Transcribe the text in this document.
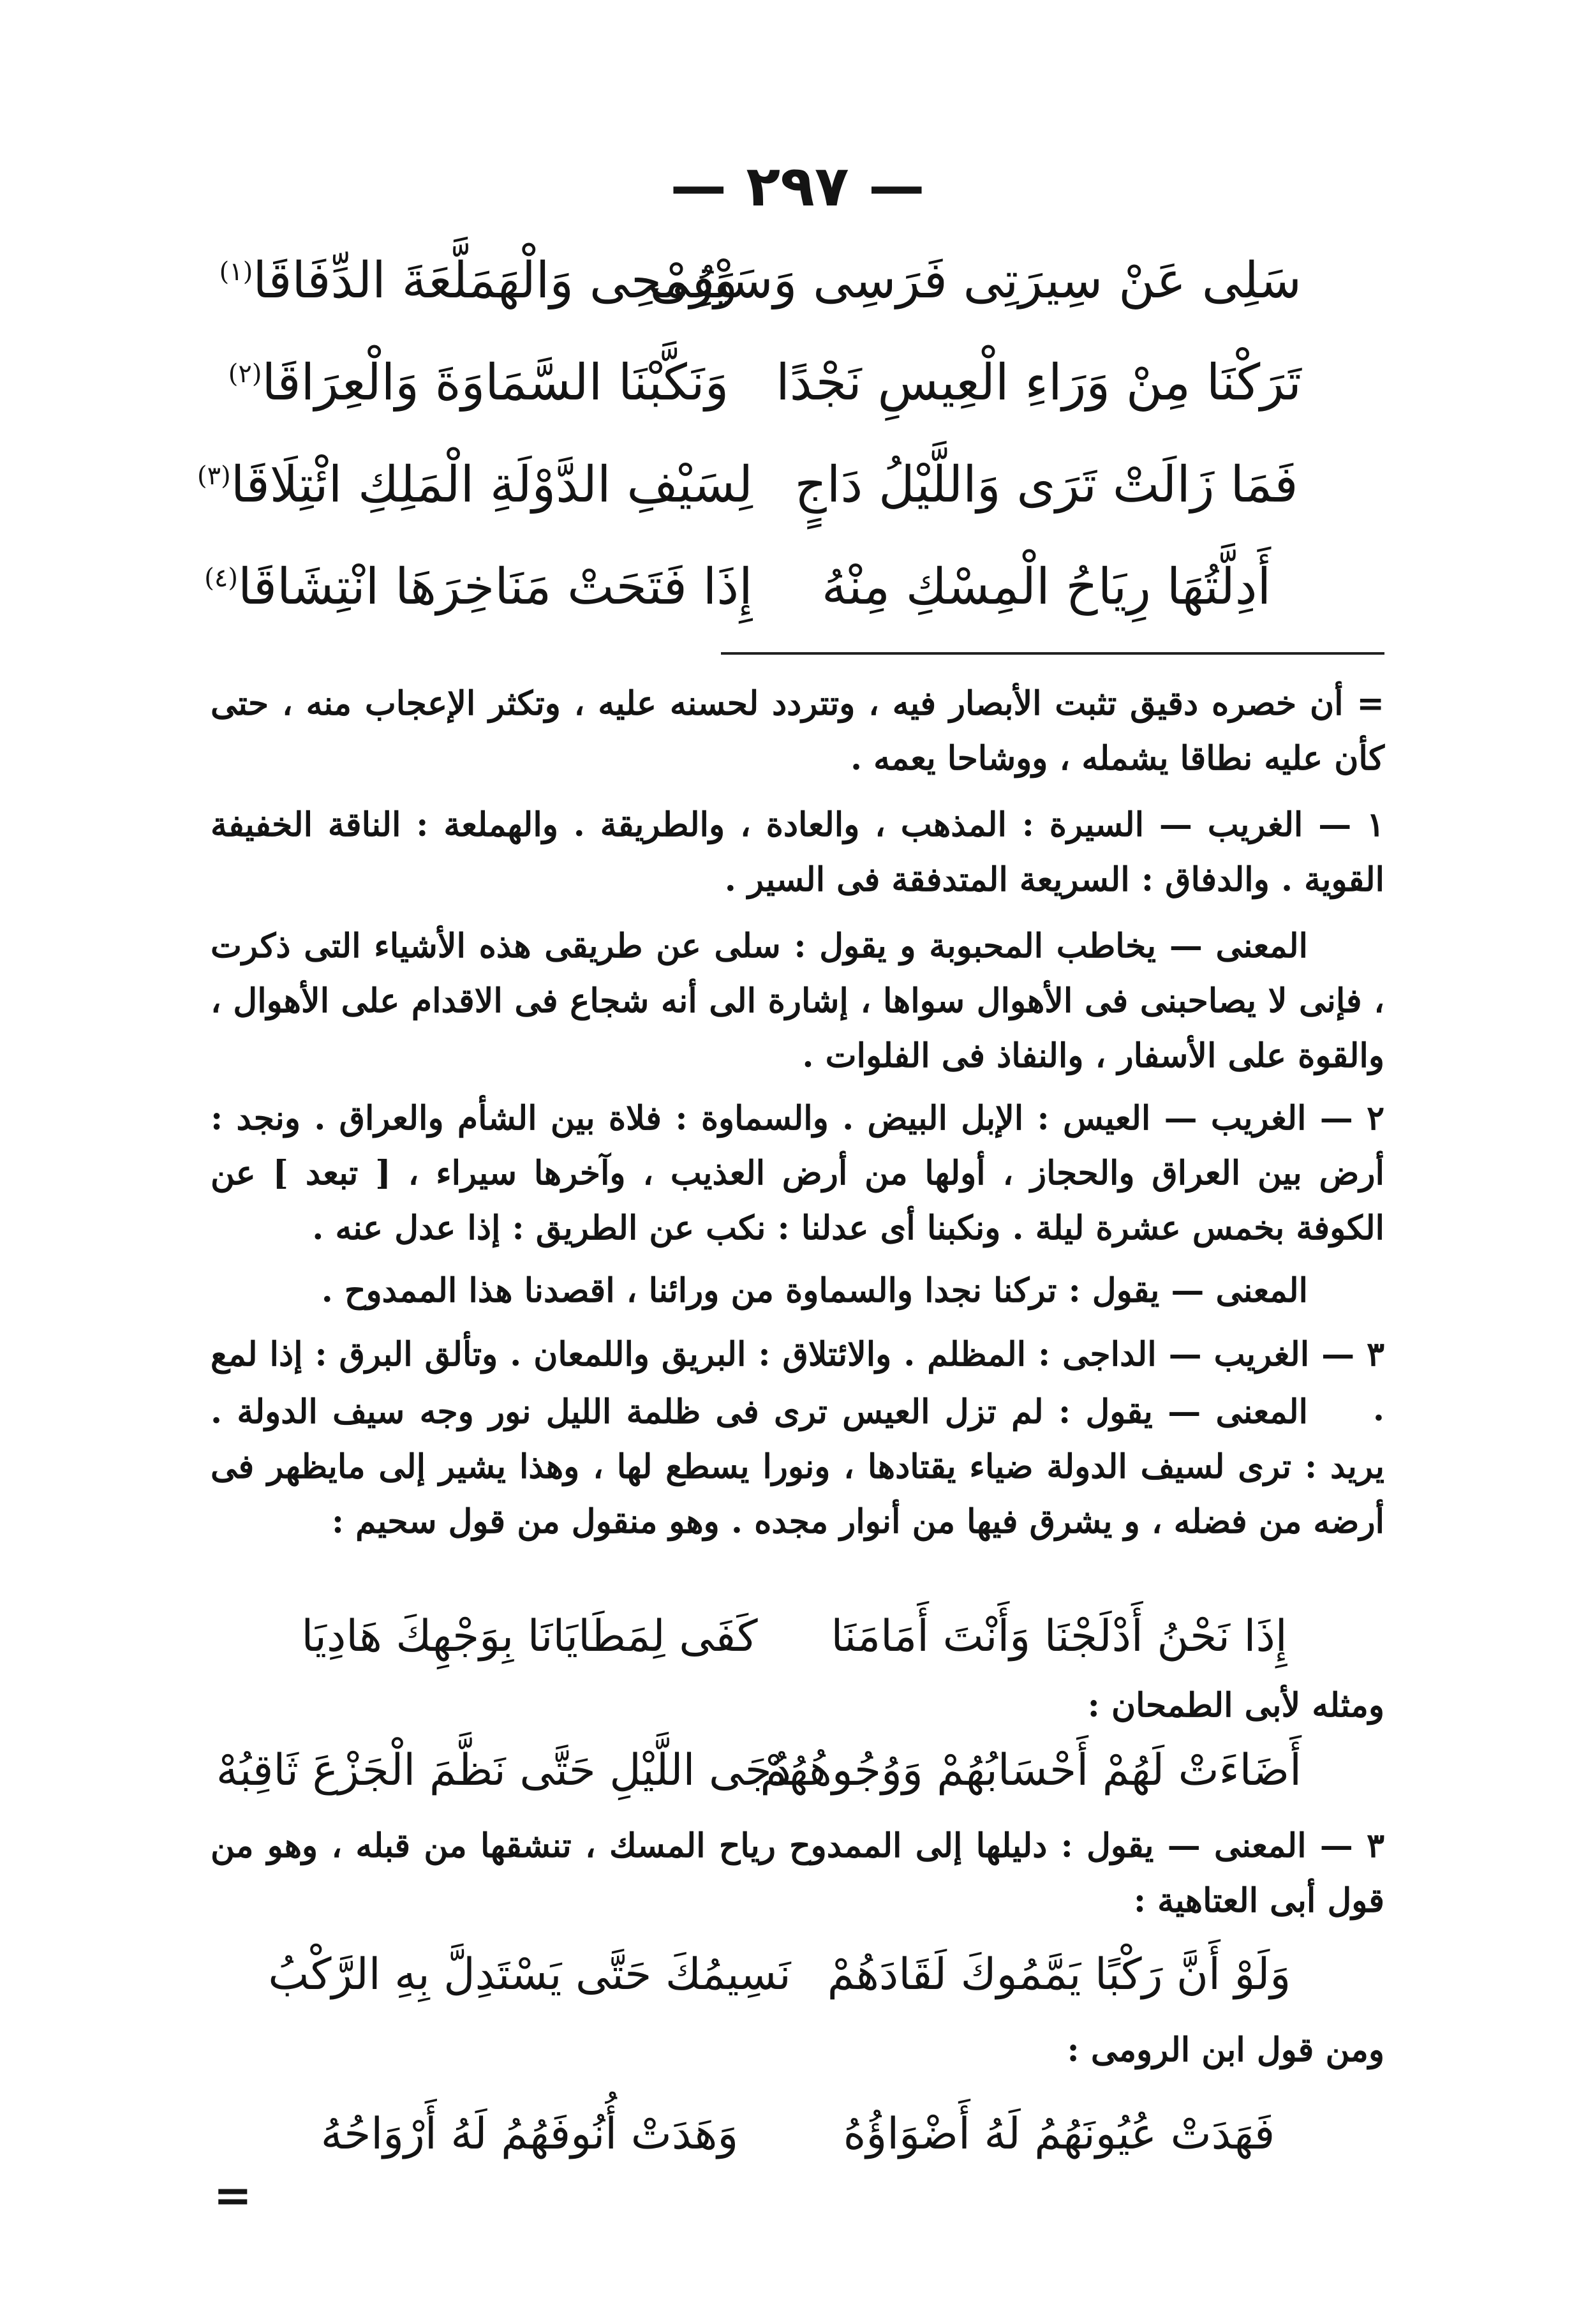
— ٢٩٧ —
سَلِى عَنْ سِيرَتِى فَرَسِى وَسَيْفِى
وَرُمْحِى وَالْهَمَلَّعَةَ الدِّفَاقَا$^{(١)}$
تَرَكْنَا مِنْ وَرَاءِ الْعِيسِ نَجْدًا
وَنَكَّبْنَا السَّمَاوَةَ وَالْعِرَاقَا$^{(٢)}$
فَمَا زَالَتْ تَرَى وَاللَّيْلُ دَاجٍ
لِسَيْفِ الدَّوْلَةِ الْمَلِكِ ائْتِلَاقَا$^{(٣)}$
أَدِلَّتُهَا رِيَاحُ الْمِسْكِ مِنْهُ
إِذَا فَتَحَتْ مَنَاخِرَهَا انْتِشَاقَا$^{(٤)}$
= أن خصره دقيق تثبت الأبصار فيه ، وتتردد لحسنه عليه ، وتكثر الإعجاب منه ، حتى كأن عليه نطاقا يشمله ، ووشاحا يعمه .
١ — الغريب — السيرة : المذهب ، والعادة ، والطريقة . والهملعة : الناقة الخفيفة القوية . والدفاق : السريعة المتدفقة فى السير .
المعنى — يخاطب المحبوبة و يقول : سلى عن طريقى هذه الأشياء التى ذكرت ، فإنى لا يصاحبنى فى الأهوال سواها ، إشارة الى أنه شجاع فى الاقدام على الأهوال ، والقوة على الأسفار ، والنفاذ فى الفلوات .
٢ — الغريب — العيس : الإبل البيض . والسماوة : فلاة بين الشأم والعراق . ونجد : أرض بين العراق والحجاز ، أولها من أرض العذيب ، وآخرها سيراء ، [ تبعد ] عن الكوفة بخمس عشرة ليلة . ونكبنا أى عدلنا : نكب عن الطريق : إذا عدل عنه .
المعنى — يقول : تركنا نجدا والسماوة من ورائنا ، اقصدنا هذا الممدوح .
٣ — الغريب — الداجى : المظلم . والائتلاق : البريق واللمعان . وتألق البرق : إذا لمع .
المعنى — يقول : لم تزل العيس ترى فى ظلمة الليل نور وجه سيف الدولة . يريد : ترى لسيف الدولة ضياء يقتادها ، ونورا يسطع لها ، وهذا يشير إلى مايظهر فى أرضه من فضله ، و يشرق فيها من أنوار مجده . وهو منقول من قول سحيم :
إِذَا نَحْنُ أَدْلَجْنَا وَأَنْتَ أَمَامَنَا
كَفَى لِمَطَايَانَا بِوَجْهِكَ هَادِيَا
ومثله لأبى الطمحان :
أَضَاءَتْ لَهُمْ أَحْسَابُهُمْ وَوُجُوهُهُمْ
دُجَى اللَّيْلِ حَتَّى نَظَّمَ الْجَزْعَ ثَاقِبُهْ
٣ — المعنى — يقول : دليلها إلى الممدوح رياح المسك ، تنشقها من قبله ، وهو من قول أبى العتاهية :
وَلَوْ أَنَّ رَكْبًا يَمَّمُوكَ لَقَادَهُمْ
نَسِيمُكَ حَتَّى يَسْتَدِلَّ بِهِ الرَّكْبُ
ومن قول ابن الرومى :
فَهَدَتْ عُيُونَهُمُ لَهُ أَضْوَاؤُهُ
وَهَدَتْ أُنُوفَهُمُ لَهُ أَرْوَاحُهُ
=
